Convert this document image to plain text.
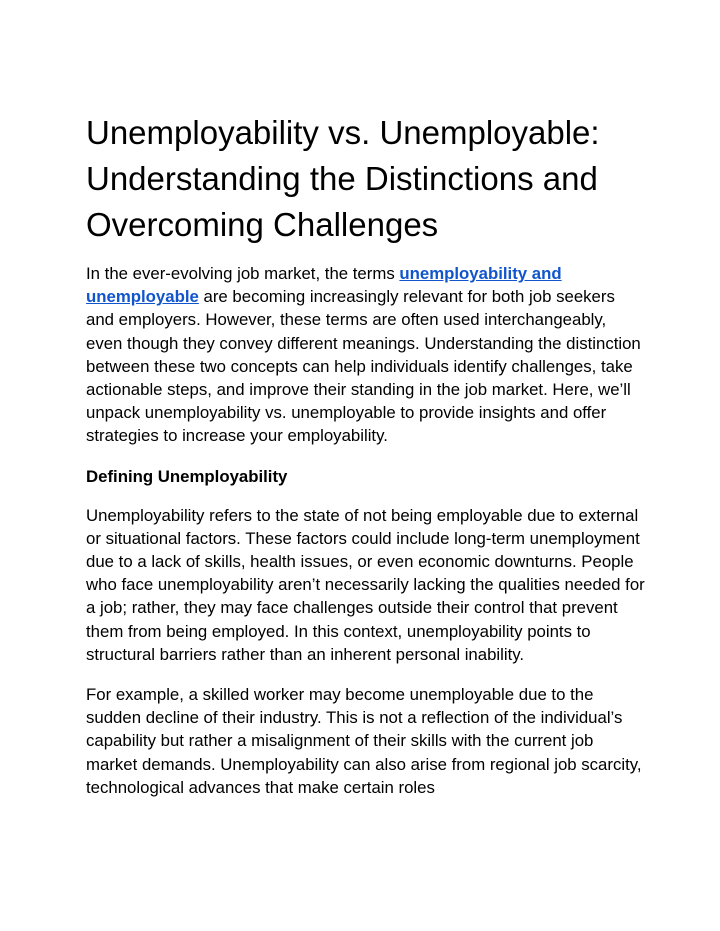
Unemployability vs. Unemployable: Understanding the Distinctions and Overcoming Challenges

In the ever-evolving job market, the terms unemployability and unemployable are becoming increasingly relevant for both job seekers and employers. However, these terms are often used interchangeably, even though they convey different meanings. Understanding the distinction between these two concepts can help individuals identify challenges, take actionable steps, and improve their standing in the job market. Here, we’ll unpack unemployability vs. unemployable to provide insights and offer strategies to increase your employability.

Defining Unemployability

Unemployability refers to the state of not being employable due to external or situational factors. These factors could include long-term unemployment due to a lack of skills, health issues, or even economic downturns. People who face unemployability aren’t necessarily lacking the qualities needed for a job; rather, they may face challenges outside their control that prevent them from being employed. In this context, unemployability points to structural barriers rather than an inherent personal inability.

For example, a skilled worker may become unemployable due to the sudden decline of their industry. This is not a reflection of the individual’s capability but rather a misalignment of their skills with the current job market demands. Unemployability can also arise from regional job scarcity, technological advances that make certain roles
